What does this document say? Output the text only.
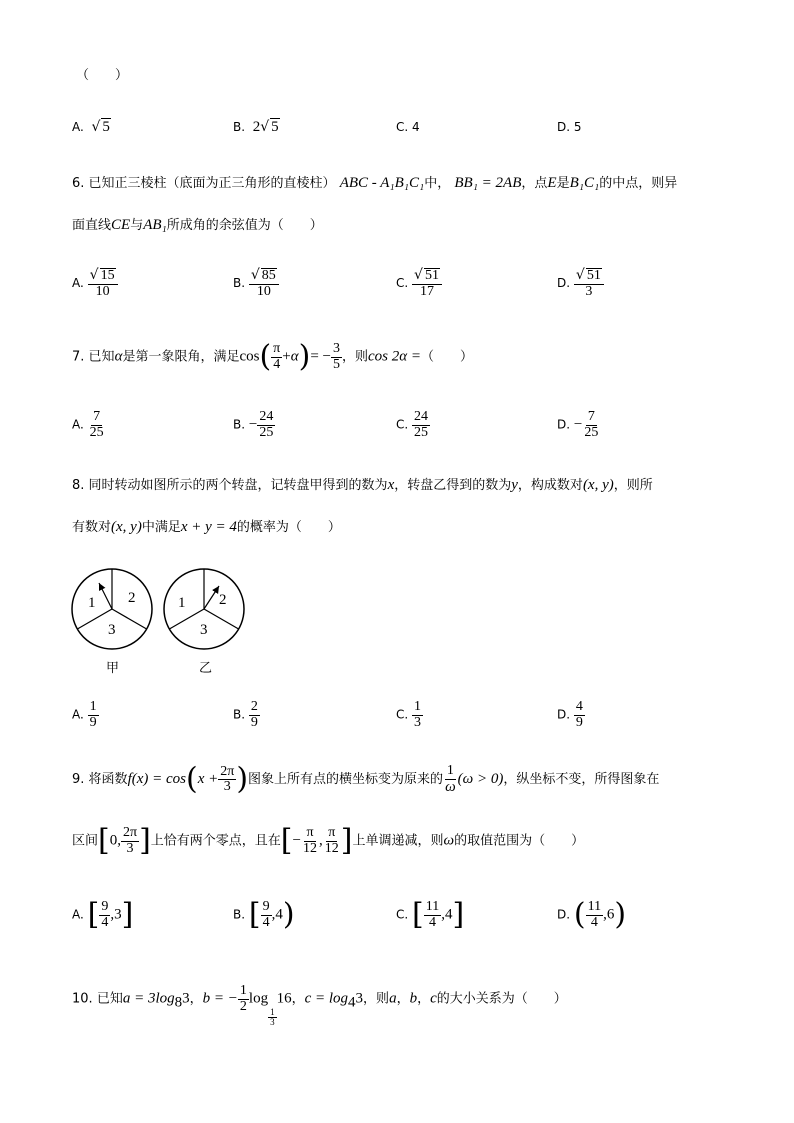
（　　）
A. √ 5	B. 2√ 5	C. 4	D. 5
6. 已知正三棱柱（底面为正三角形的直棱柱） ABC - A₁B₁C₁中， BB₁ = 2AB，点E是B₁C₁的中点，则异
面直线CE与AB₁所成角的余弦值为（　　）
A. $\frac{√ 15}{10}$	B. $\frac{√ 85}{10}$	C. $\frac{√ 51}{17}$	D. $\frac{√ 51}{3}$
7. 已知α是第一象限角，满足$\cos( \frac{\pi}{4} +\alpha)= - \frac{3}{5}$ ，则cos 2α =（　　）
A. $\frac{7}{25}$	B. − $\frac{24}{25}$	C. $\frac{24}{25}$	D. − $\frac{7}{25}$
8. 同时转动如图所示的两个转盘，记转盘甲得到的数为x，转盘乙得到的数为y，构成数对(x, y)，则所
有数对(x, y)中满足x + y = 4的概率为（　　）
1 2
3
1 2
3
甲	乙
A. $\frac{1}{9}$	B. $\frac{2}{9}$	C. $\frac{1}{3}$	D. $\frac{4}{9}$
9. 将函数$f(x) = \cos(x + \frac{2\pi}{3}$ )图象上所有点的横坐标变为原来的 $\frac{1}{\omega} (\omega > 0)$，纵坐标不变，所得图象在
区间[0, $\frac{2\pi}{3}$ ]上恰有两个零点，且在[− $\frac{\pi}{12}$ , $\frac{\pi}{12}$ ]上单调递减，则ω的取值范围为（　　）
A. [ $\frac{9}{4} ,3$]	B. [ $\frac{9}{4} ,4$)	C. [ $\frac{11}{4} ,4$]	D. ( $\frac{11}{4} ,6$)
10. 已知$a = 3\log_83$，b = − $\frac{1}{2}$ log
$\frac{1}{3}$
16，$c = \log_43$，则a，b，c的大小关系为（　　）
